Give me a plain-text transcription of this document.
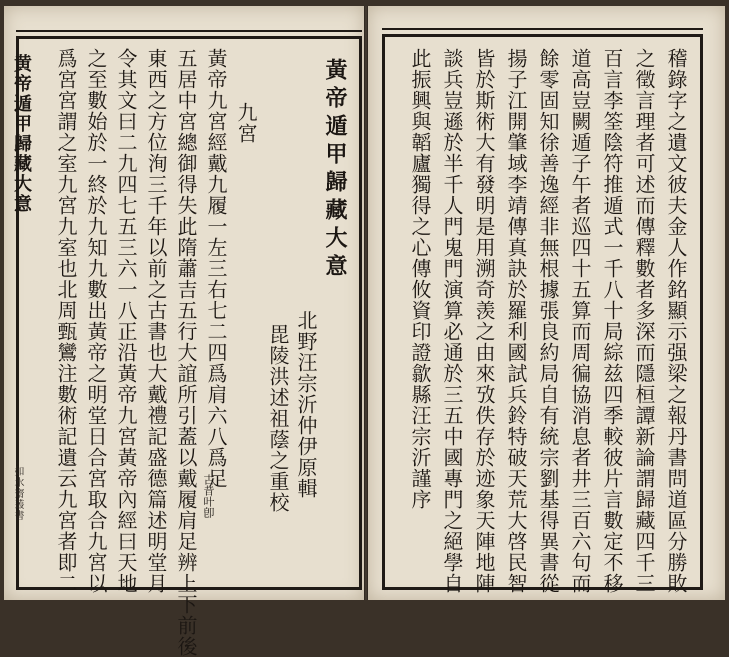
黄帝遁甲歸藏大意
如水齋叢書
黃帝遁甲歸藏大意
北野汪宗沂仲伊原輯
毘陵洪述祖蔭之重校
九宮
黃帝九宮經戴九履一左三右七二四爲肩六八爲足
古昔叶卽
五居中宮總御得失此隋蕭吉五行大誼所引蓋以戴履肩足辨上下前後
東西之方位洵三千年以前之古書也大戴禮記盛德篇述明堂月
令其文曰二九四七五三六一八正沿黃帝九宮黃帝內經曰天地
之至數始於一終於九知九數出黃帝之明堂日合宮取合九宮以
爲宮宮謂之室九宮九室也北周甄鸞注數術記遺云九宮者即二	稽錄字之遺文彼夫金人作銘顯示强梁之報丹書問道區分勝敗
之徵言理者可述而傳釋數者多深而隱桓譚新論謂歸藏四千三
百言李筌陰符推遁式一千八十局綜兹四季較彼片言數定不移
道高豈闕遁子午者巡四十五算而周徧協消息者井三百六句而
餘零固知徐善逸經非無根據張良約局自有統宗劉基得異書從
揚子江開肇域李靖傳真訣於羅利國試兵鈴特破天荒大啓民智
皆於斯術大有發明是用溯奇羡之由來攷佚存於迹象天陣地陣
談兵豈遜於半千人門鬼門演算必通於三五中國專門之絕學自
此振興與韜廬獨得之心傳攸資印證歙縣汪宗沂謹序
